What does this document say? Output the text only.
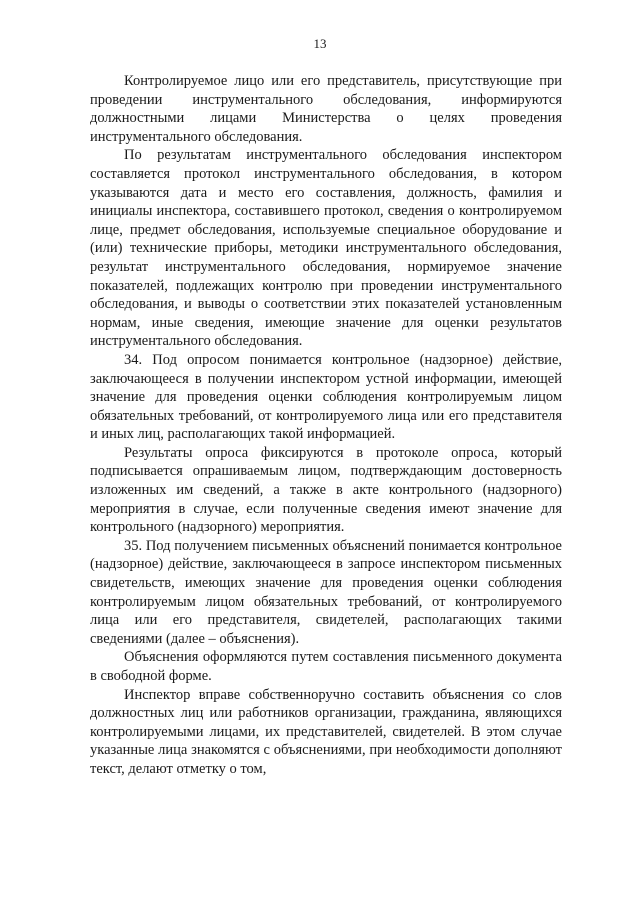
13

Контролируемое лицо или его представитель, присутствующие при проведении инструментального обследования, информируются должностными лицами Министерства о целях проведения инструментального обследования.

По результатам инструментального обследования инспектором составляется протокол инструментального обследования, в котором указываются дата и место его составления, должность, фамилия и инициалы инспектора, составившего протокол, сведения о контролируемом лице, предмет обследования, используемые специальное оборудование и (или) технические приборы, методики инструментального обследования, результат инструментального обследования, нормируемое значение показателей, подлежащих контролю при проведении инструментального обследования, и выводы о соответствии этих показателей установленным нормам, иные сведения, имеющие значение для оценки результатов инструментального обследования.

34. Под опросом понимается контрольное (надзорное) действие, заключающееся в получении инспектором устной информации, имеющей значение для проведения оценки соблюдения контролируемым лицом обязательных требований, от контролируемого лица или его представителя и иных лиц, располагающих такой информацией.

Результаты опроса фиксируются в протоколе опроса, который подписывается опрашиваемым лицом, подтверждающим достоверность изложенных им сведений, а также в акте контрольного (надзорного) мероприятия в случае, если полученные сведения имеют значение для контрольного (надзорного) мероприятия.

35. Под получением письменных объяснений понимается контрольное (надзорное) действие, заключающееся в запросе инспектором письменных свидетельств, имеющих значение для проведения оценки соблюдения контролируемым лицом обязательных требований, от контролируемого лица или его представителя, свидетелей, располагающих такими сведениями (далее – объяснения).

Объяснения оформляются путем составления письменного документа в свободной форме.

Инспектор вправе собственноручно составить объяснения со слов должностных лиц или работников организации, гражданина, являющихся контролируемыми лицами, их представителей, свидетелей. В этом случае указанные лица знакомятся с объяснениями, при необходимости дополняют текст, делают отметку о том,
